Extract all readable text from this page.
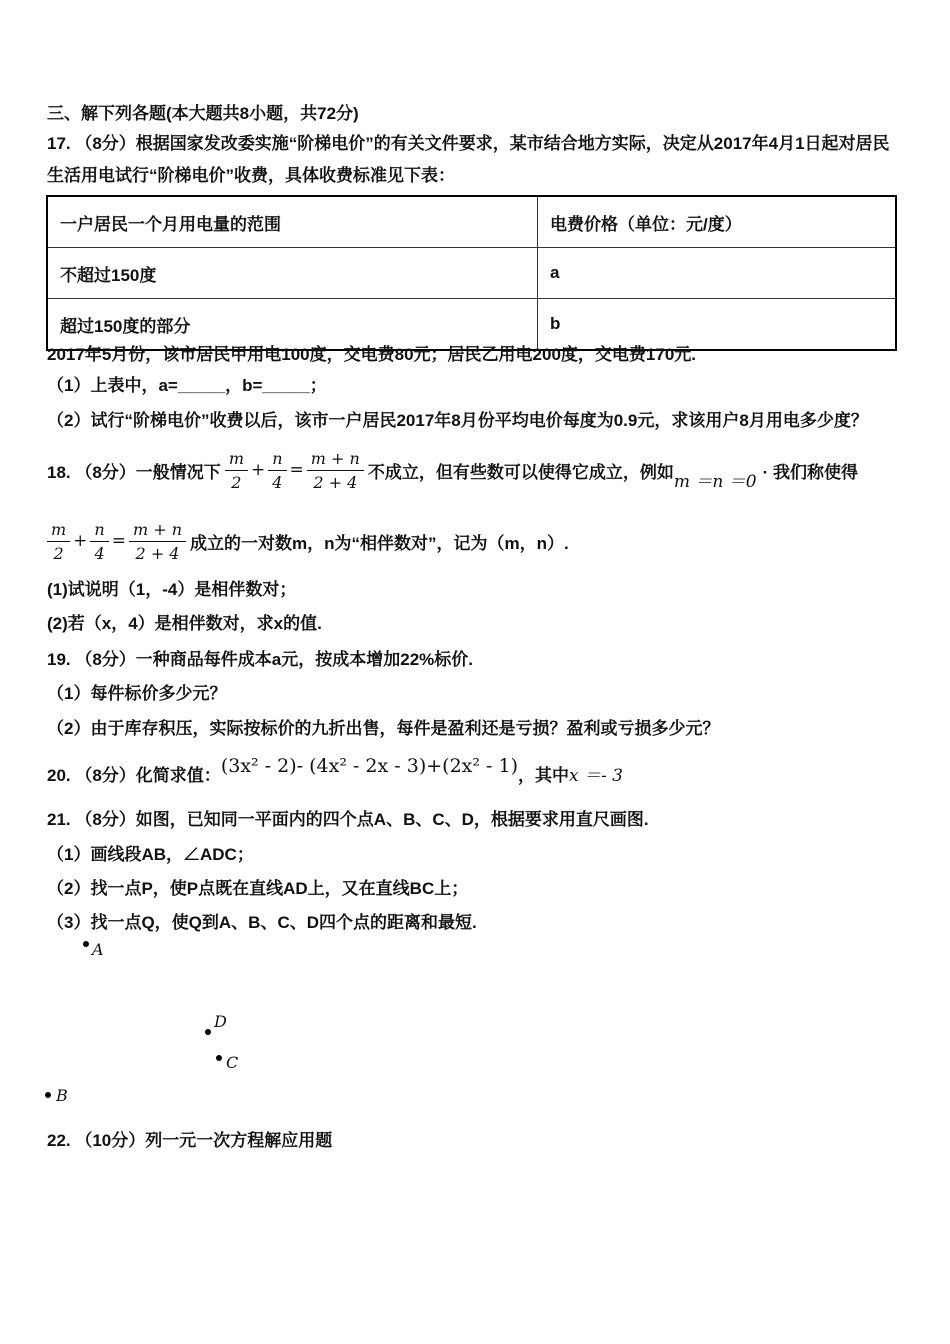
三、解下列各题(本大题共8小题，共72分)
17. （8分）根据国家发改委实施“阶梯电价”的有关文件要求，某市结合地方实际，决定从2017年4月1日起对居民
生活用电试行“阶梯电价”收费，具体收费标准见下表：
一户居民一个月用电量的范围	电费价格（单位：元/度）
不超过150度	a
超过150度的部分	b
2017年5月份，该市居民甲用电100度，交电费80元；居民乙用电200度，交电费170元.
（1）上表中，a=_____，b=_____；
（2）试行“阶梯电价”收费以后，该市一户居民2017年8月份平均电价每度为0.9元，求该用户8月用电多少度？
18. （8分）一般情况下 $\frac{m}{2} + \frac{n}{4} = \frac{m + n}{2 + 4}$ 不成立，但有些数可以使得它成立，例如 m ＝n ＝0 · 我们称使得
$\frac{m}{2} + \frac{n}{4} = \frac{m + n}{2 + 4}$ 成立的一对数m，n为“相伴数对”，记为（m，n）.
(1)试说明（1，-4）是相伴数对；
(2)若（x，4）是相伴数对，求x的值.
19. （8分）一种商品每件成本a元，按成本增加22%标价.
（1）每件标价多少元？
（2）由于库存积压，实际按标价的九折出售，每件是盈利还是亏损？盈利或亏损多少元？
20. （8分）化简求值： (3x² - 2)- (4x² - 2x - 3)+(2x² - 1) ，其中 x ＝- 3
21. （8分）如图，已知同一平面内的四个点A、B、C、D，根据要求用直尺画图.
（1）画线段AB，∠ADC；
（2）找一点P，使P点既在直线AD上，又在直线BC上；
（3）找一点Q，使Q到A、B、C、D四个点的距离和最短.
A
D
C
B
22. （10分）列一元一次方程解应用题
